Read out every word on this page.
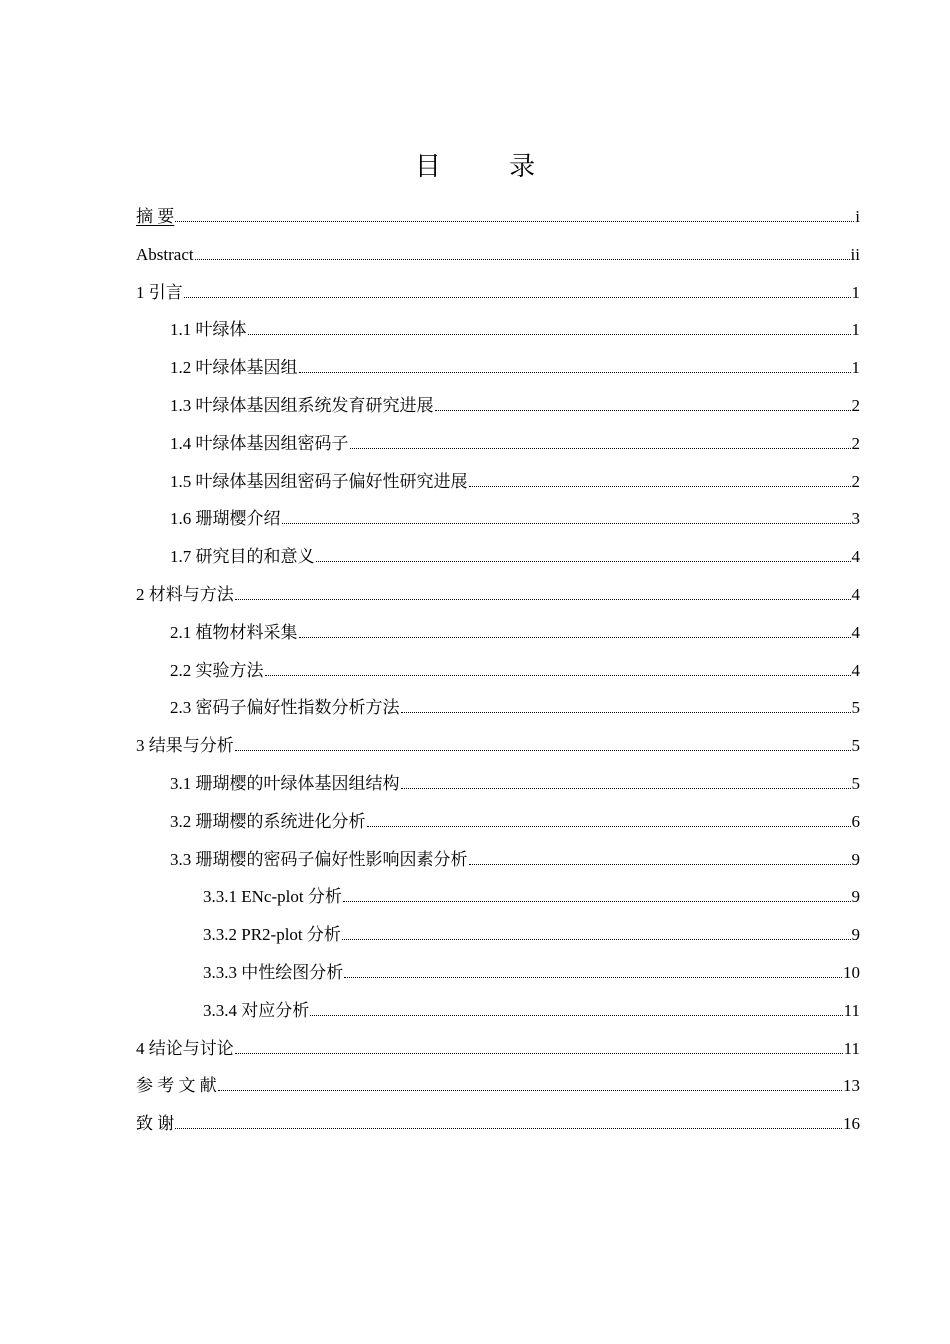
目 录
摘 要	i
Abstract	ii
1 引言	1
1.1 叶绿体	1
1.2 叶绿体基因组	1
1.3 叶绿体基因组系统发育研究进展	2
1.4 叶绿体基因组密码子	2
1.5 叶绿体基因组密码子偏好性研究进展	2
1.6 珊瑚樱介绍	3
1.7 研究目的和意义	4
2 材料与方法	4
2.1 植物材料采集	4
2.2 实验方法	4
2.3 密码子偏好性指数分析方法	5
3 结果与分析	5
3.1 珊瑚樱的叶绿体基因组结构	5
3.2 珊瑚樱的系统进化分析	6
3.3 珊瑚樱的密码子偏好性影响因素分析	9
3.3.1 ENc-plot 分析	9
3.3.2 PR2-plot 分析	9
3.3.3 中性绘图分析	10
3.3.4 对应分析	11
4 结论与讨论	11
参 考 文 献	13
致 谢	16
